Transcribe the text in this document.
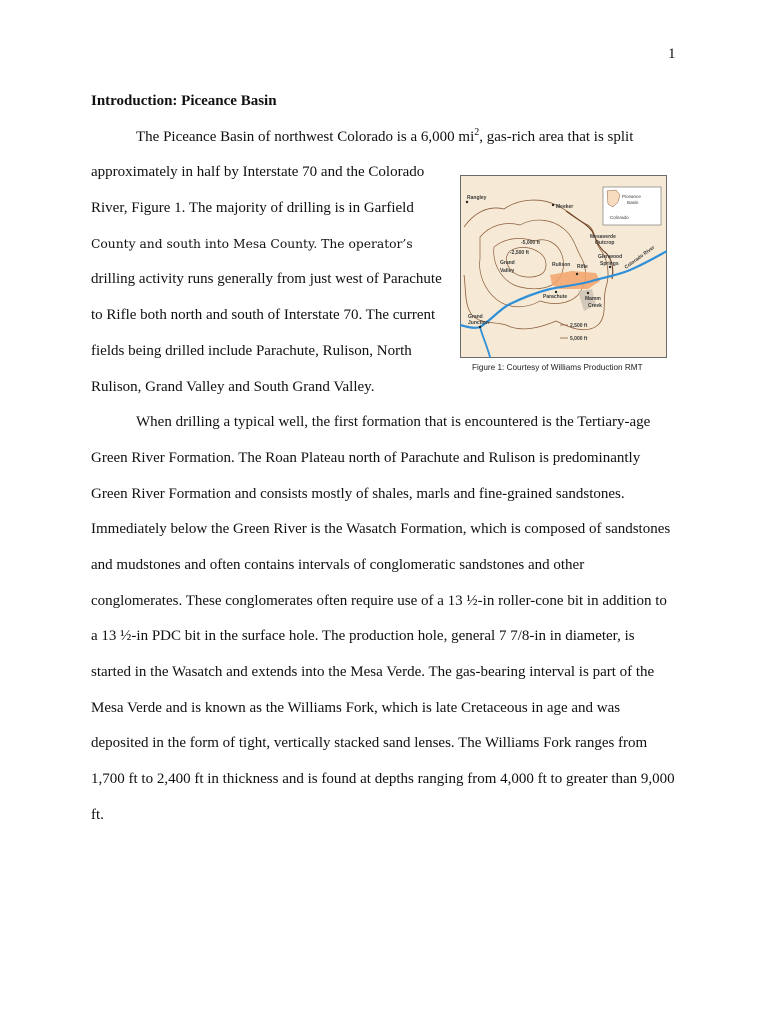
1
Introduction: Piceance Basin
The Piceance Basin of northwest Colorado is a 6,000 $mi^2$, gas-rich area that is split
approximately in half by Interstate 70 and the Colorado
River, Figure 1. The majority of drilling is in Garfield
County and south into Mesa County. The operator’s
drilling activity runs generally from just west of Parachute
to Rifle both north and south of Interstate 70. The current
fields being drilled include Parachute, Rulison, North
Rulison, Grand Valley and South Grand Valley.
When drilling a typical well, the first formation that is encountered is the Tertiary-age
Green River Formation. The Roan Plateau north of Parachute and Rulison is predominantly
Green River Formation and consists mostly of shales, marls and fine-grained sandstones.
Immediately below the Green River is the Wasatch Formation, which is composed of sandstones
and mudstones and often contains intervals of conglomeratic sandstones and other
conglomerates. These conglomerates often require use of a 13 ½-in roller-cone bit in addition to
a 13 ½-in PDC bit in the surface hole. The production hole, general 7 7/8-in in diameter, is
started in the Wasatch and extends into the Mesa Verde. The gas-bearing interval is part of the
Mesa Verde and is known as the Williams Fork, which is late Cretaceous in age and was
deposited in the form of tight, vertically stacked sand lenses. The Williams Fork ranges from
1,700 ft to 2,400 ft in thickness and is found at depths ranging from 4,000 ft to greater than 9,000
ft.
Piceance
Basin
Colorado
Rangley
Meeker
Mesaverde
Outcrop
-5,000 ft
-2,500 ft
Grand
Valley
Rulison Rifle
Glenwood
Springs Colorado River
Parachute	Mamm
Creek
Grand
Junction	2,500 ft
5,000 ft
Figure 1: Courtesy of Williams Production RMT
